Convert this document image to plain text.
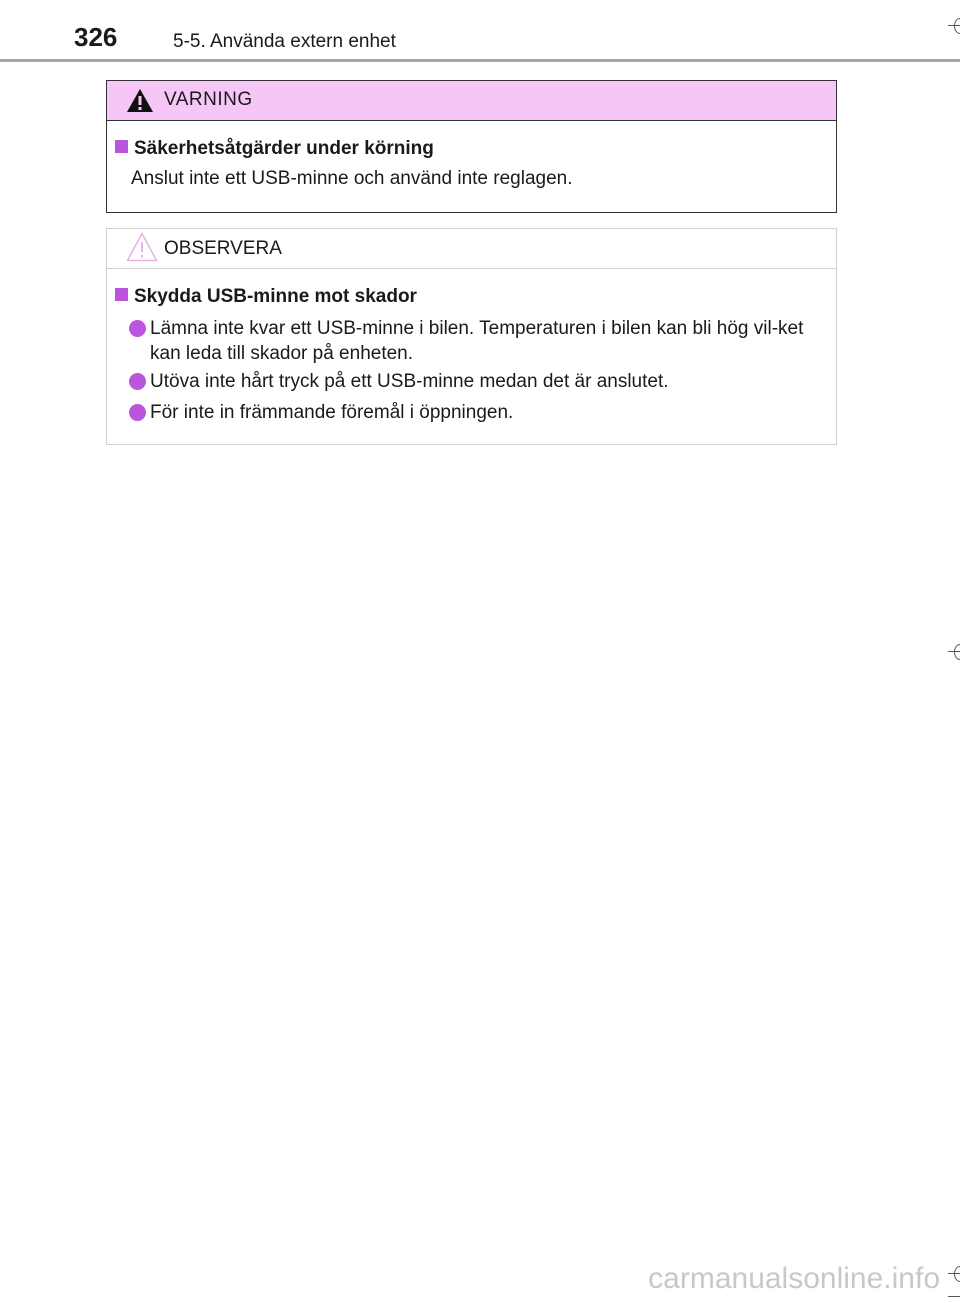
326	5-5. Använda extern enhet
VARNING
Säkerhetsåtgärder under körning
Anslut inte ett USB-minne och använd inte reglagen.
OBSERVERA
Skydda USB-minne mot skador
Lämna inte kvar ett USB-minne i bilen. Temperaturen i bilen kan bli hög vil-ket kan leda till skador på enheten.
Utöva inte hårt tryck på ett USB-minne medan det är anslutet.
För inte in främmande föremål i öppningen.
carmanualsonline.info
